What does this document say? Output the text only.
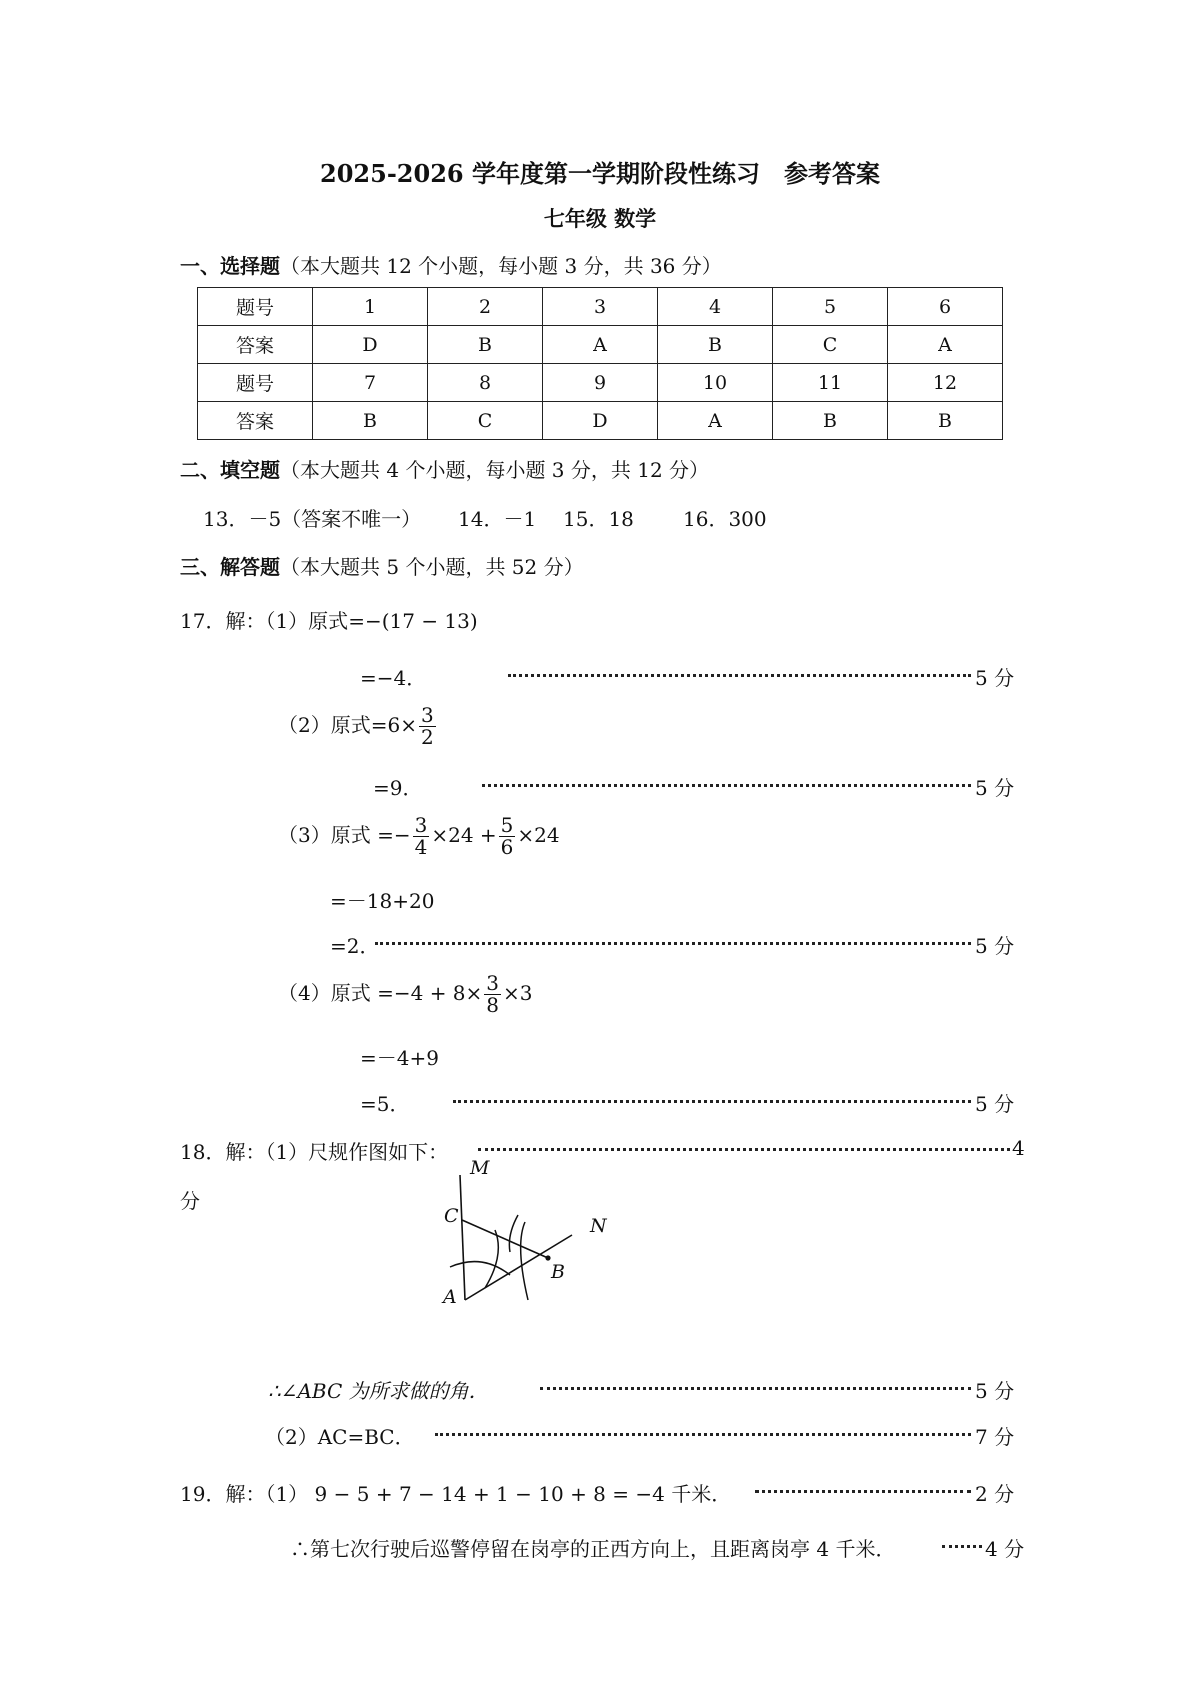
2025-2026 学年度第一学期阶段性练习　参考答案
七年级 数学
一、选择题（本大题共 12 个小题，每小题 3 分，共 36 分）
题号	1	2	3	4	5	6
答案	D	B	A	B	C	A
题号	7	8	9	10	11	12
答案	B	C	D	A	B	B
二、填空题（本大题共 4 个小题，每小题 3 分，共 12 分）
13．－5（答案不唯一） 14．－1 15．18 16．300
三、解答题（本大题共 5 个小题，共 52 分）
17．解：（1）原式=−(17 − 13)
=−4．	5 分
（2）原式$=6\times \frac{3}{2}$
=9．	5 分
（3）原式 =− $\frac{3}{4} \times 24 + \frac{5}{6} \times 24$
=－18+20
=2．	5 分
（4）原式 $=-4 + 8\times \frac{3}{8} \times 3$
=－4+9
=5．	5 分
18．解：（1）尺规作图如下：	4
分
M
N
C
A
B
∴∠ABC 为所求做的角．	5 分
（2）AC=BC．	7 分
19．解：（1） 9 − 5 + 7 − 14 + 1 − 10 + 8 = −4 千米．	2 分
∴第七次行驶后巡警停留在岗亭的正西方向上，且距离岗亭 4 千米．	4 分
